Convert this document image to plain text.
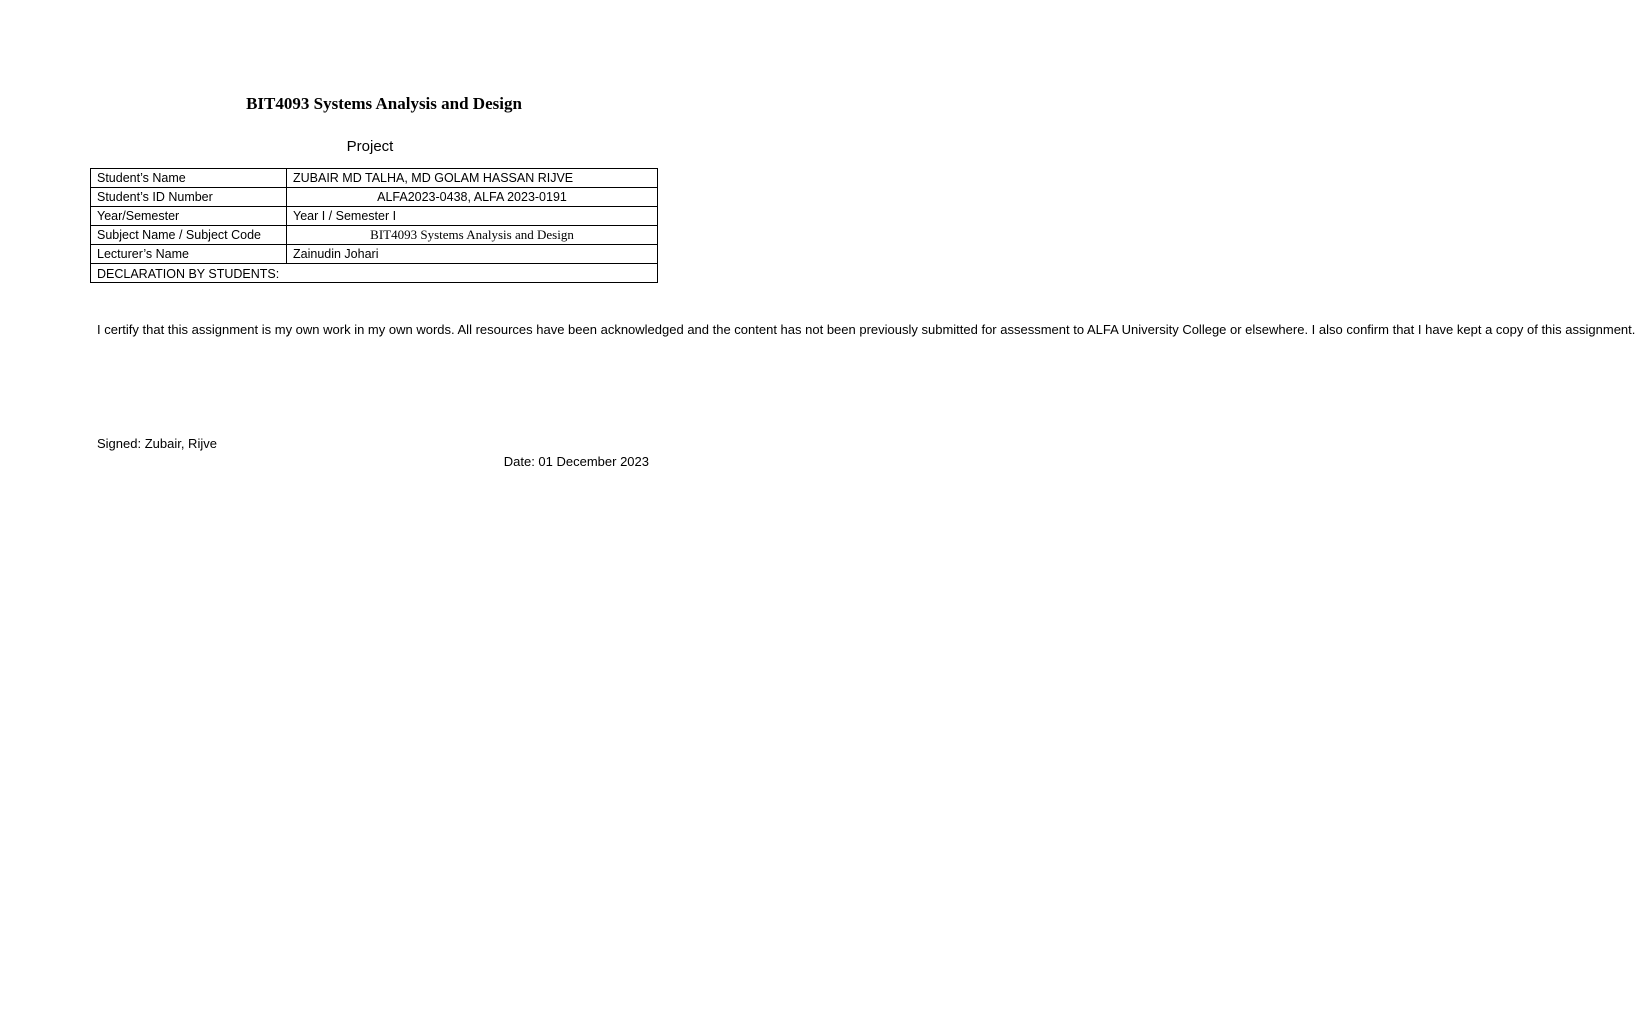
BIT4093 Systems Analysis and Design
Project
Student’s Name	ZUBAIR MD TALHA, MD GOLAM HASSAN RIJVE
Student’s ID Number	ALFA2023-0438, ALFA 2023-0191
Year/Semester	Year I / Semester I
Subject Name / Subject Code	BIT4093 Systems Analysis and Design
Lecturer’s Name	Zainudin Johari

DECLARATION BY STUDENTS:
I certify that this assignment is my own work in my own words. All resources have been acknowledged and the content has not been previously submitted for assessment to ALFA University College or elsewhere. I also confirm that I have kept a copy of this assignment.
Signed: Zubair, Rijve
Date: 01 December 2023	
